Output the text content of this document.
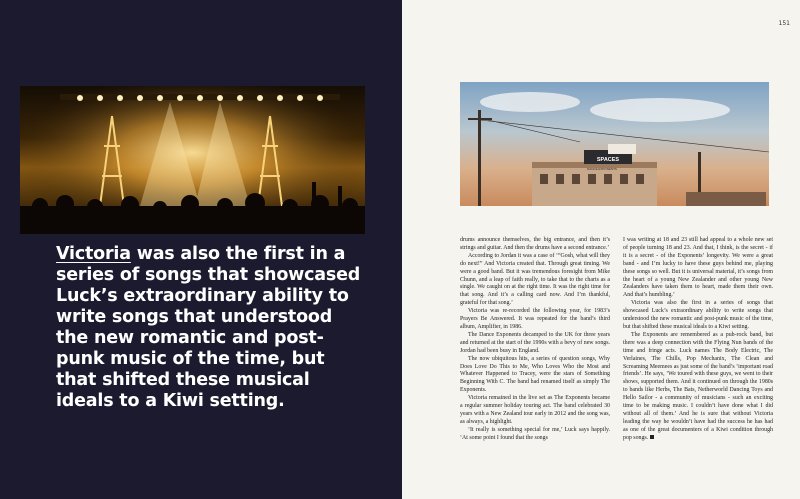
Victoria was also the first in a series of songs that showcased Luck’s extraordinary ability to write songs that understood the new romantic and post-punk music of the time, but that shifted these musical ideals to a Kiwi setting.
151
SPACES
DANCE EXPONENTS

drums announce themselves, the big entrance, and then it’s strings and guitar. And then the drums have a second entrance.’

According to Jordan it was a case of ‘“Gosh, what will they do next!” And Victoria created that. Through great timing. We were a good band. But it was tremendous foresight from Mike Chunn, and a leap of faith really, to take that to the charts as a single. We caught on at the right time. It was the right time for that song. And it’s a calling card now. And I’m thankful, grateful for that song.’

Victoria was re-recorded the following year, for 1983’s Prayers Be Answered. It was repeated for the band’s third album, Amplifier, in 1986.

The Dance Exponents decamped to the UK for three years and returned at the start of the 1990s with a bevy of new songs. Jordan had been busy in England.

The now ubiquitous hits, a series of question songs, Why Does Love Do This to Me, Who Loves Who the Most and Whatever Happened to Tracey, were the stars of Something Beginning With C. The band had renamed itself as simply The Exponents.

Victoria remained in the live set as The Exponents became a regular summer holiday touring act. The band celebrated 30 years with a New Zealand tour early in 2012 and the song was, as always, a highlight.

‘It really is something special for me,’ Luck says happily. ‘At some point I found that the songs

I was writing at 18 and 23 still had appeal to a whole new set of people turning 18 and 23. And that, I think, is the secret - if it is a secret - of the Exponents’ longevity. We were a great band - and I’m lucky to have these guys behind me, playing these songs so well. But it is universal material, it’s songs from the heart of a young New Zealander and other young New Zealanders have taken them to heart, made them their own. And that’s humbling.’

Victoria was also the first in a series of songs that showcased Luck’s extraordinary ability to write songs that understood the new romantic and post-punk music of the time, but that shifted these musical ideals to a Kiwi setting.

The Exponents are remembered as a pub-rock band, but there was a deep connection with the Flying Nun bands of the time and fringe acts. Luck names The Body Electric, The Verlaines, The Chills, Pop Mechanix, The Clean and Screaming Meemees as just some of the band’s ‘important road friends’. He says, ‘We toured with these guys, we went to their shows, supported them. And it continued on through the 1980s to bands like Herbs, The Bats, Netherworld Dancing Toys and Hello Sailor - a community of musicians - such an exciting time to be making music. I couldn’t have done what I did without all of them.’ And he is sure that without Victoria leading the way he wouldn’t have had the success he has had as one of the great documenters of a Kiwi condition through pop songs.
